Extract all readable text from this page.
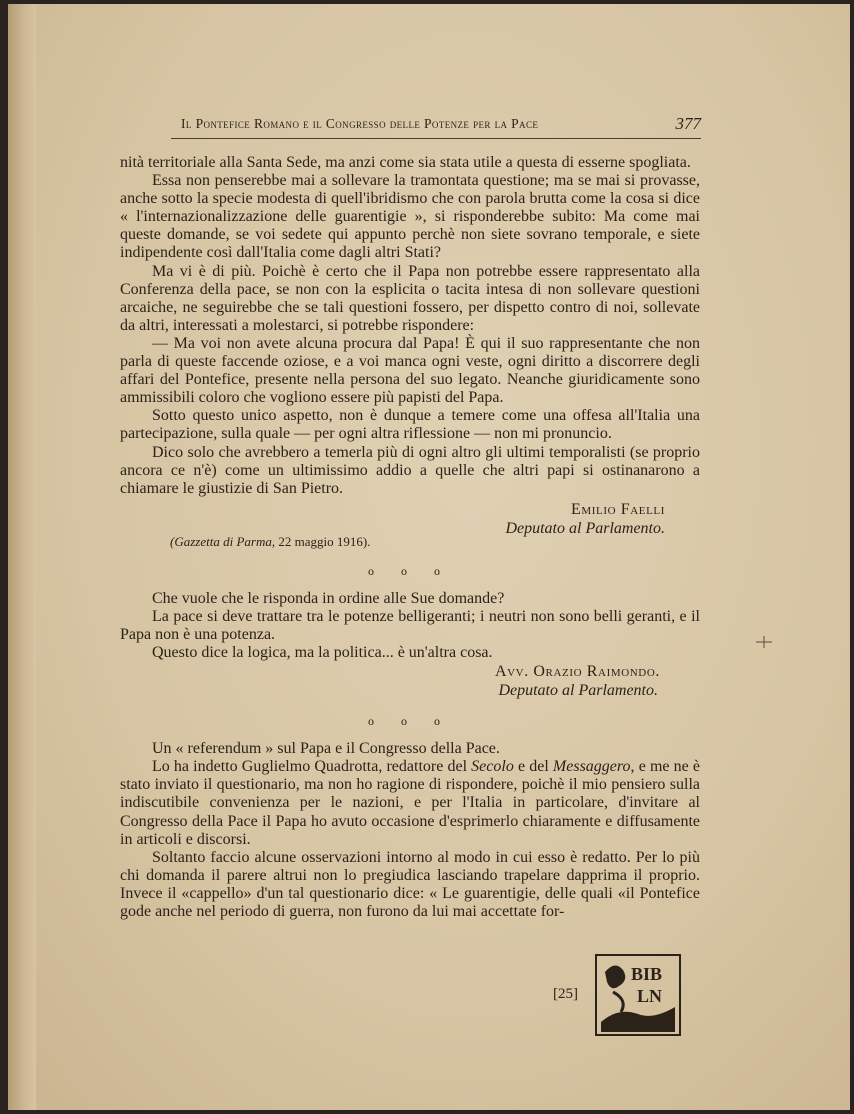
Il Pontefice Romano e il Congresso delle Potenze per la Pace	377

nità territoriale alla Santa Sede, ma anzi come sia stata utile a questa di esserne spogliata.

Essa non penserebbe mai a sollevare la tramontata questione; ma se mai si provasse, anche sotto la specie modesta di quell'ibridismo che con parola brutta come la cosa si dice « l'internazionalizzazione delle guarentigie », si risponderebbe subito: Ma come mai queste domande, se voi sedete qui appunto perchè non siete sovrano temporale, e siete indipendente così dall'Italia come dagli altri Stati?

Ma vi è di più. Poichè è certo che il Papa non potrebbe essere rappresentato alla Conferenza della pace, se non con la esplicita o tacita intesa di non sollevare questioni arcaiche, ne seguirebbe che se tali questioni fossero, per dispetto contro di noi, sollevate da altri, interessati a molestarci, si potrebbe rispondere:

— Ma voi non avete alcuna procura dal Papa! È qui il suo rappresentante che non parla di queste faccende oziose, e a voi manca ogni veste, ogni diritto a discorrere degli affari del Pontefice, presente nella persona del suo legato. Neanche giuridicamente sono ammissibili coloro che vogliono essere più papisti del Papa.

Sotto questo unico aspetto, non è dunque a temere come una offesa all'Italia una partecipazione, sulla quale — per ogni altra riflessione — non mi pronuncio.

Dico solo che avrebbero a temerla più di ogni altro gli ultimi temporalisti (se proprio ancora ce n'è) come un ultimissimo addio a quelle che altri papi si ostinanarono a chiamare le giustizie di San Pietro.

Emilio Faelli

Deputato al Parlamento.

(Gazzetta di Parma, 22 maggio 1916).

o o o

Che vuole che le risponda in ordine alle Sue domande?

La pace si deve trattare tra le potenze belligeranti; i neutri non sono belli geranti, e il Papa non è una potenza.

Questo dice la logica, ma la politica... è un'altra cosa.

Avv. Orazio Raimondo.

Deputato al Parlamento.

o o o

Un « referendum » sul Papa e il Congresso della Pace.

Lo ha indetto Guglielmo Quadrotta, redattore del Secolo e del Messaggero, e me ne è stato inviato il questionario, ma non ho ragione di rispondere, poichè il mio pensiero sulla indiscutibile convenienza per le nazioni, e per l'Italia in particolare, d'invitare al Congresso della Pace il Papa ho avuto occasione d'esprimerlo chiaramente e diffusamente in articoli e discorsi.

Soltanto faccio alcune osservazioni intorno al modo in cui esso è redatto. Per lo più chi domanda il parere altrui non lo pregiudica lasciando trapelare dapprima il proprio. Invece il «cappello» d'un tal questionario dice: « Le guarentigie, delle quali «il Pontefice gode anche nel periodo di guerra, non furono da lui mai accettate for-

[25]
BIB
LN
